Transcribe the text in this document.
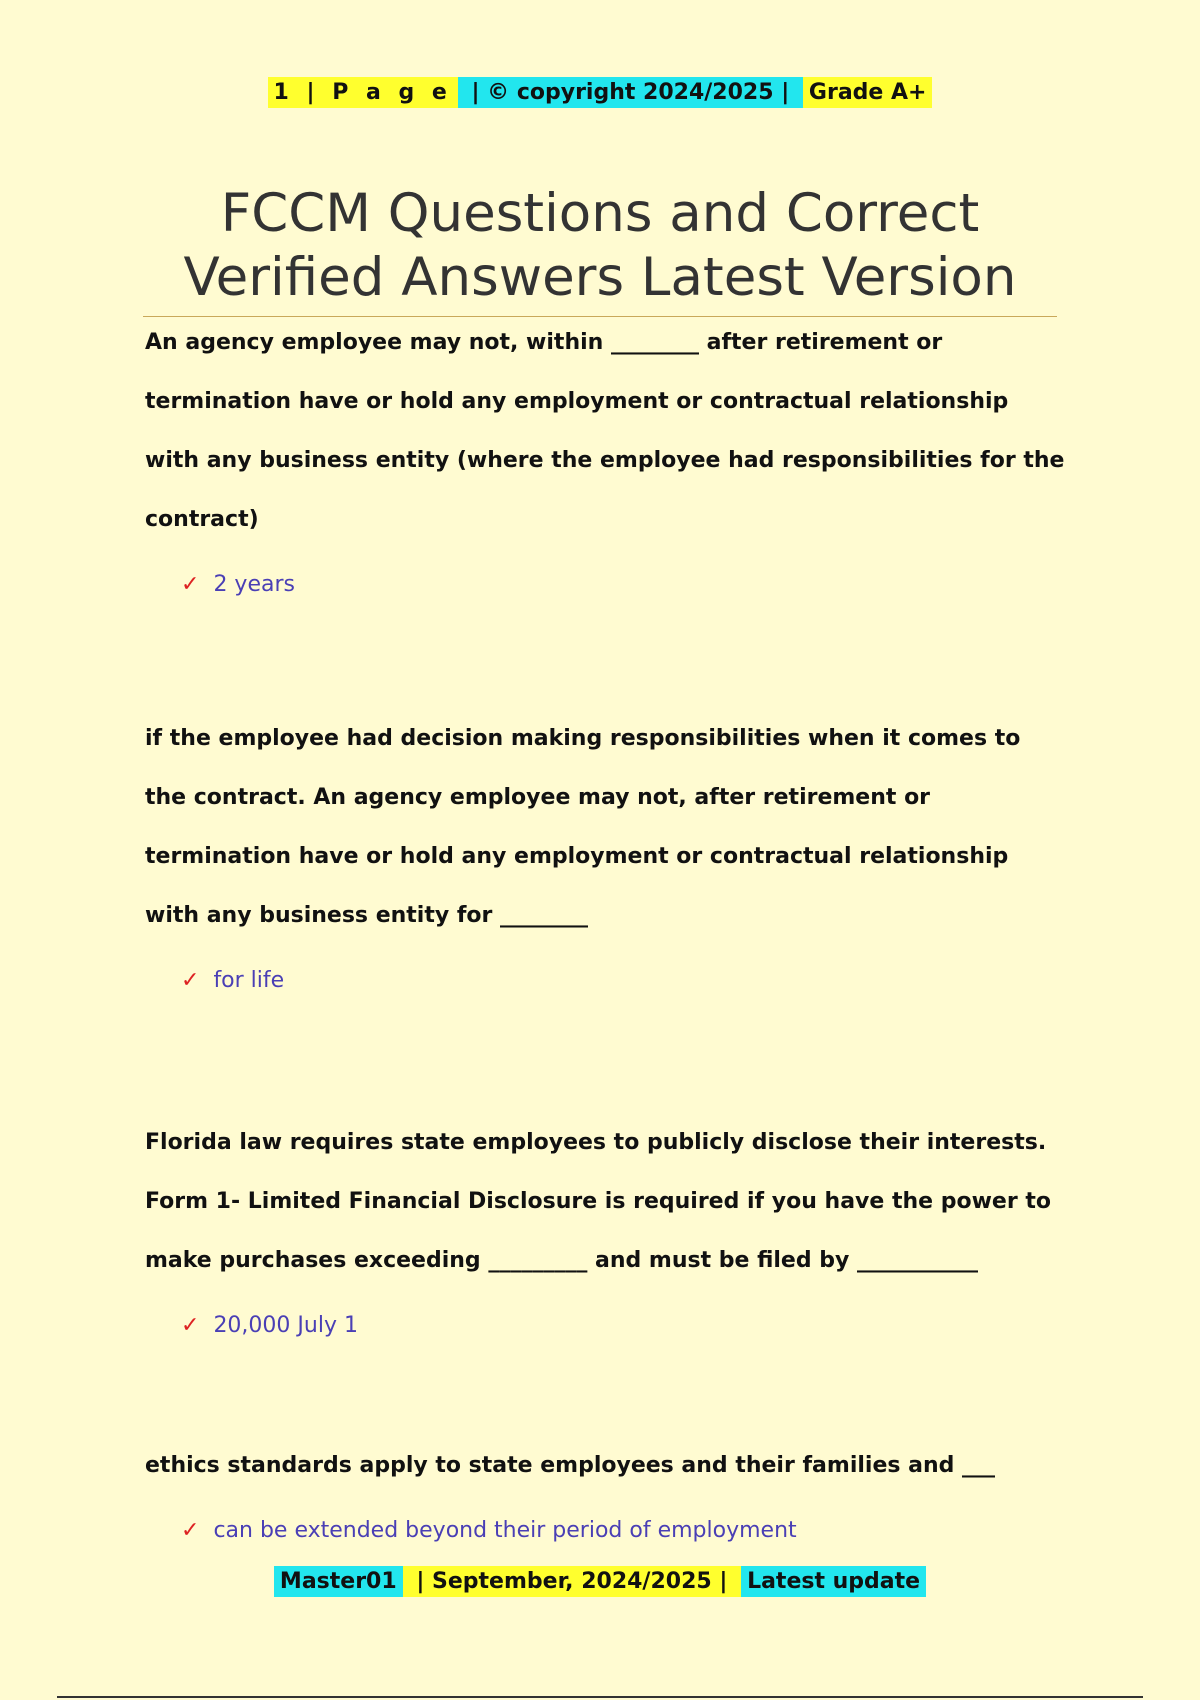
1 | P a g e | © copyright 2024/2025 | Grade A+
FCCM Questions and Correct
Verified Answers Latest Version

An agency employee may not, within ________ after retirement or termination have or hold any employment or contractual relationship with any business entity (where the employee had responsibilities for the contract)

✓ 2 years

if the employee had decision making responsibilities when it comes to the contract. An agency employee may not, after retirement or termination have or hold any employment or contractual relationship with any business entity for ________

✓ for life

Florida law requires state employees to publicly disclose their interests. Form 1- Limited Financial Disclosure is required if you have the power to make purchases exceeding _________ and must be filed by ___________

✓ 20,000 July 1

ethics standards apply to state employees and their families and ___

✓ can be extended beyond their period of employment
Master01 | September, 2024/2025 | Latest update
